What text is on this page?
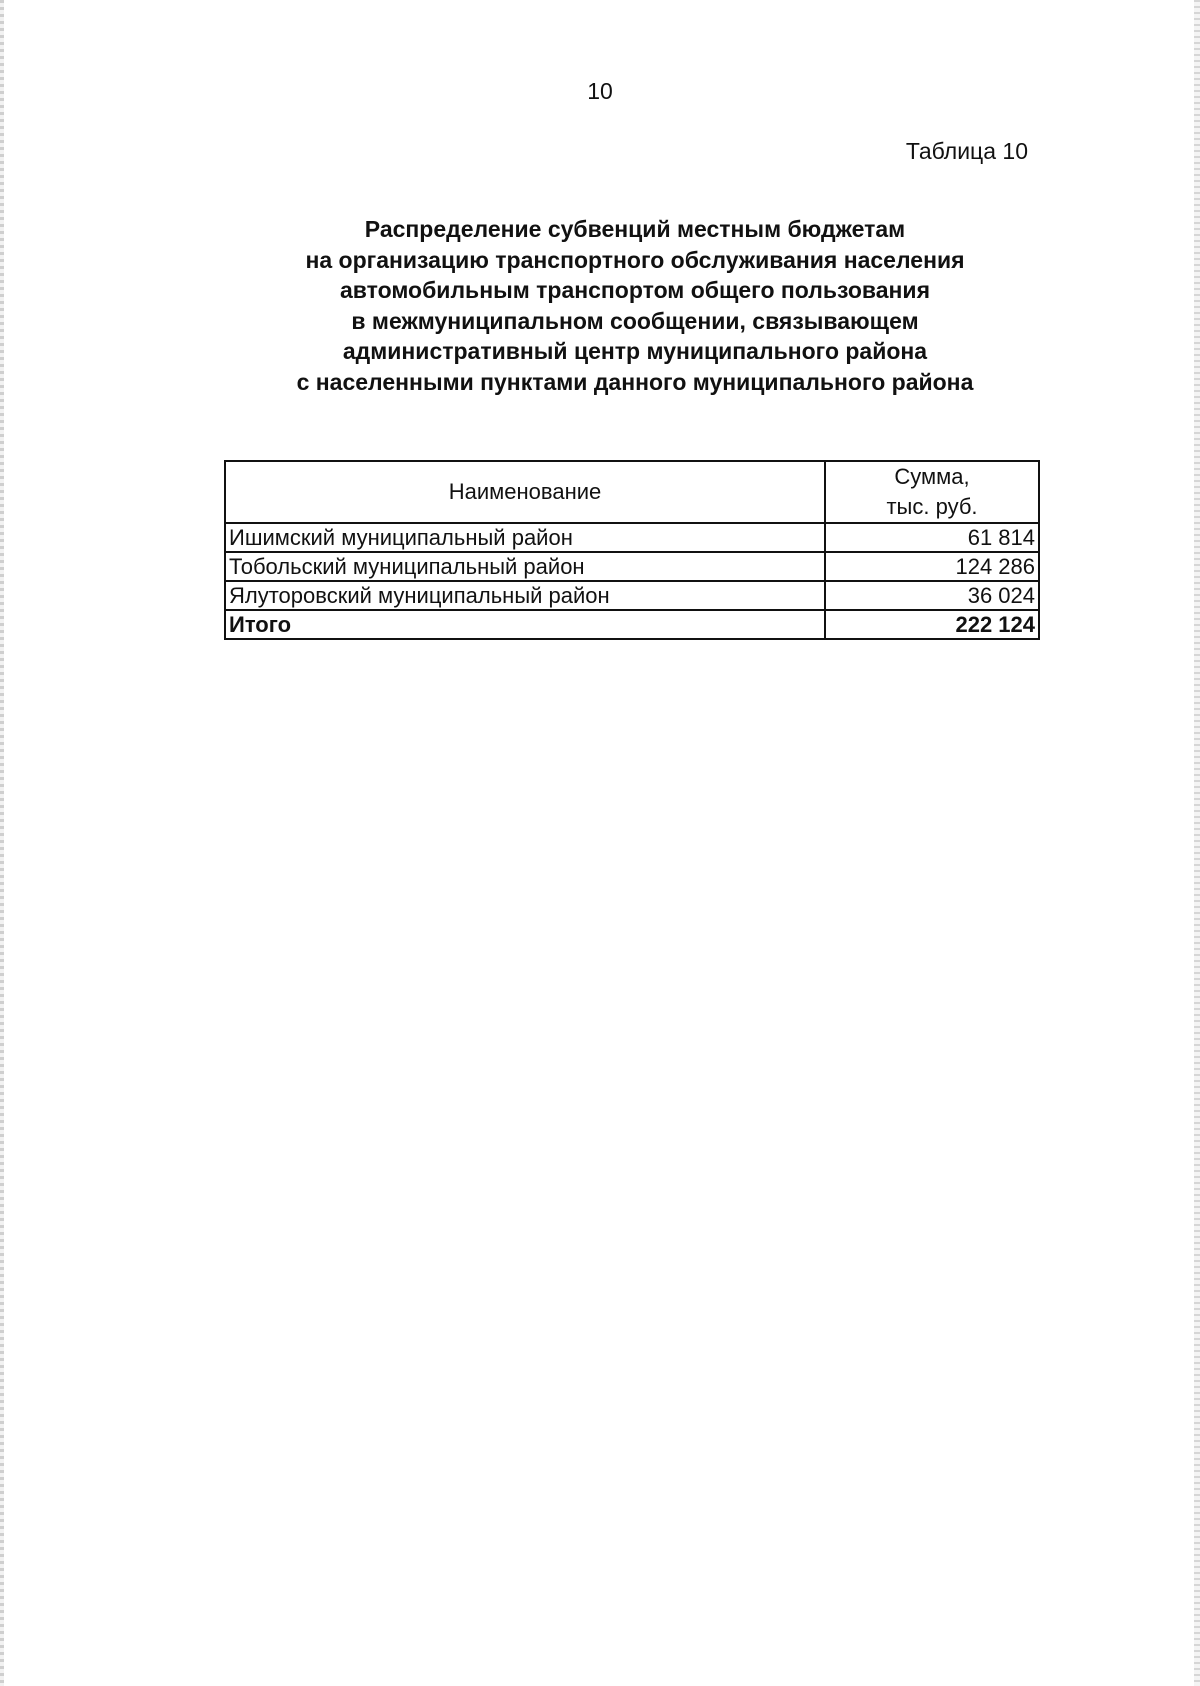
10
Таблица 10
Распределение субвенций местным бюджетам
на организацию транспортного обслуживания населения
автомобильным транспортом общего пользования
в межмуниципальном сообщении, связывающем
административный центр муниципального района
с населенными пунктами данного муниципального района
Наименование	Сумма,
тыс. руб.

Ишимский муниципальный район	61 814
Тобольский муниципальный район	124 286
Ялуторовский муниципальный район	36 024
Итого	222 124
